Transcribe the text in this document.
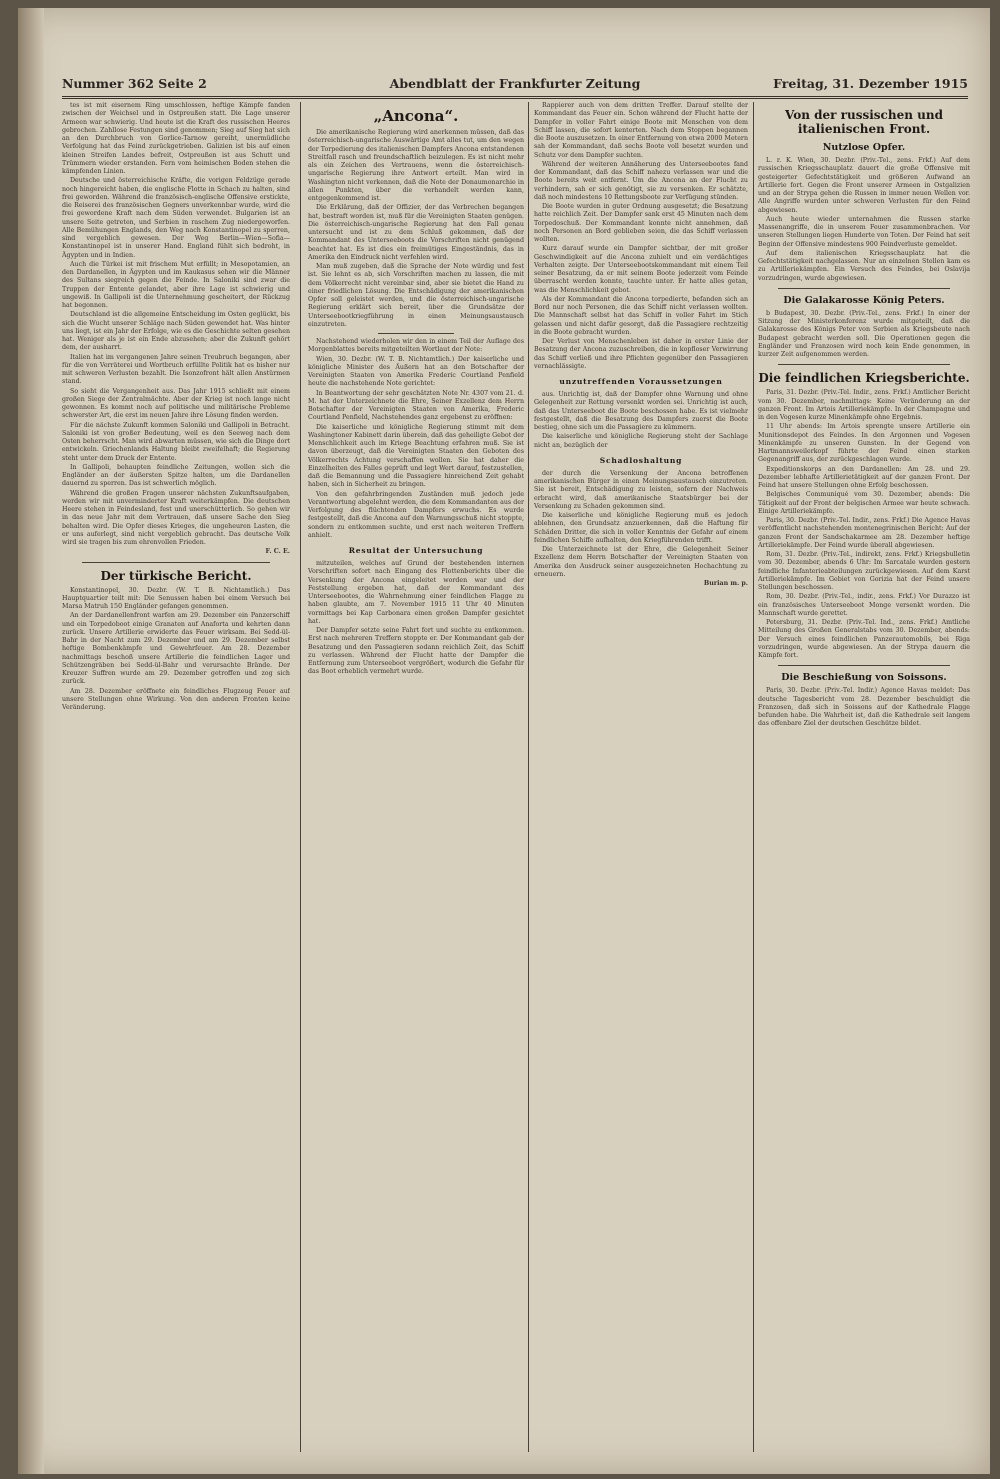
Nummer 362 Seite 2	Abendblatt der Frankfurter Zeitung	Freitag, 31. Dezember 1915

tes ist mit eisernem Ring umschlossen, heftige Kämpfe fanden zwischen der Weichsel und in Ostpreußen statt. Die Lage unserer Armeen war schwierig. Und heute ist die Kraft des russischen Heeres gebrochen. Zahllose Festungen sind genommen; Sieg auf Sieg hat sich an den Durchbruch von Gorlice-Tarnow gereiht, unermüdliche Verfolgung hat das Feind zurückgetrieben. Galizien ist bis auf einen kleinen Streifen Landes befreit, Ostpreußen ist aus Schutt und Trümmern wieder erstanden. Fern vom heimischen Boden stehen die kämpfenden Linien.

Deutsche und österreichische Kräfte, die vorigen Feldzüge gerade noch hingereicht haben, die englische Flotte in Schach zu halten, sind frei geworden. Während die französisch-englische Offensive erstickte, die Reiserei des französischen Gegners unverkennbar wurde, wird die frei gewordene Kraft nach dem Süden verwendet. Bulgarien ist an unsere Seite getreten, und Serbien in raschem Zug niedergeworfen. Alle Bemühungen Englands, den Weg nach Konstantinopel zu sperren, sind vergeblich gewesen. Der Weg Berlin—Wien—Sofia—Konstantinopel ist in unserer Hand. England fühlt sich bedroht, in Ägypten und in Indien.

Auch die Türkei ist mit frischem Mut erfüllt; in Mesopotamien, an den Dardanellen, in Ägypten und im Kaukasus sehen wir die Männer des Sultans siegreich gegen die Feinde. In Saloniki sind zwar die Truppen der Entente gelandet, aber ihre Lage ist schwierig und ungewiß. In Gallipoli ist die Unternehmung gescheitert, der Rückzug hat begonnen.

Deutschland ist die allgemeine Entscheidung im Osten geglückt, bis sich die Wucht unserer Schläge nach Süden gewendet hat. Was hinter uns liegt, ist ein Jahr der Erfolge, wie es die Geschichte selten gesehen hat. Weniger als je ist ein Ende abzusehen; aber die Zukunft gehört dem, der ausharrt.

Italien hat im vergangenen Jahre seinen Treubruch begangen, aber für die von Verräterei und Wortbruch erfüllte Politik hat es bisher nur mit schweren Verlusten bezahlt. Die Isonzofront hält allen Anstürmen stand.

So sieht die Vergangenheit aus. Das Jahr 1915 schließt mit einem großen Siege der Zentralmächte. Aber der Krieg ist noch lange nicht gewonnen. Es kommt noch auf politische und militärische Probleme schwerster Art, die erst im neuen Jahre ihre Lösung finden werden.

Für die nächste Zukunft kommen Saloniki und Gallipoli in Betracht. Saloniki ist von großer Bedeutung, weil es den Seeweg nach dem Osten beherrscht. Man wird abwarten müssen, wie sich die Dinge dort entwickeln. Griechenlands Haltung bleibt zweifelhaft; die Regierung steht unter dem Druck der Entente.

In Gallipoli, behaupten feindliche Zeitungen, wollen sich die Engländer an der äußersten Spitze halten, um die Dardanellen dauernd zu sperren. Das ist schwerlich möglich.

Während die großen Fragen unserer nächsten Zukunftsaufgaben, werden wir mit unverminderter Kraft weiterkämpfen. Die deutschen Heere stehen in Feindesland, fest und unerschütterlich. So gehen wir in das neue Jahr mit dem Vertrauen, daß unsere Sache den Sieg behalten wird. Die Opfer dieses Krieges, die ungeheuren Lasten, die er uns auferlegt, sind nicht vergeblich gebracht. Das deutsche Volk wird sie tragen bis zum ehrenvollen Frieden.

F. C. E.

Der türkische Bericht.

Konstantinopel, 30. Dezbr. (W. T. B. Nichtamtlich.) Das Hauptquartier teilt mit: Die Senussen haben bei einem Versuch bei Marsa Matruh 150 Engländer gefangen genommen.

An der Dardanellenfront warfen am 29. Dezember ein Panzerschiff und ein Torpedoboot einige Granaten auf Anaforta und kehrten dann zurück. Unsere Artillerie erwiderte das Feuer wirksam. Bei Sedd-ül-Bahr in der Nacht zum 29. Dezember und am 29. Dezember selbst heftige Bombenkämpfe und Gewehrfeuer. Am 28. Dezember nachmittags beschoß unsere Artillerie die feindlichen Lager und Schützengräben bei Sedd-ül-Bahr und verursachte Brände. Der Kreuzer Suffren wurde am 29. Dezember getroffen und zog sich zurück.

Am 28. Dezember eröffnete ein feindliches Flugzeug Feuer auf unsere Stellungen ohne Wirkung. Von den anderen Fronten keine Veränderung.

„Ancona“.

Die amerikanische Regierung wird anerkennen müssen, daß das österreichisch-ungarische Auswärtige Amt alles tut, um den wegen der Torpedierung des italienischen Dampfers Ancona entstandenen Streitfall rasch und freundschaftlich beizulegen. Es ist nicht mehr als ein Zeichen des Vertrauens, wenn die österreichisch-ungarische Regierung ihre Antwort erteilt. Man wird in Washington nicht verkennen, daß die Note der Donaumonarchie in allen Punkten, über die verhandelt werden kann, entgegenkommend ist.

Die Erklärung, daß der Offizier, der das Verbrechen begangen hat, bestraft worden ist, muß für die Vereinigten Staaten genügen. Die österreichisch-ungarische Regierung hat den Fall genau untersucht und ist zu dem Schluß gekommen, daß der Kommandant des Unterseeboots die Vorschriften nicht genügend beachtet hat. Es ist dies ein freimütiges Eingeständnis, das in Amerika den Eindruck nicht verfehlen wird.

Man muß zugeben, daß die Sprache der Note würdig und fest ist. Sie lehnt es ab, sich Vorschriften machen zu lassen, die mit dem Völkerrecht nicht vereinbar sind, aber sie bietet die Hand zu einer friedlichen Lösung. Die Entschädigung der amerikanischen Opfer soll geleistet werden, und die österreichisch-ungarische Regierung erklärt sich bereit, über die Grundsätze der Unterseebootkriegführung in einen Meinungsaustausch einzutreten.

Nachstehend wiederholen wir den in einem Teil der Auflage des Morgenblattes bereits mitgeteilten Wortlaut der Note:

Wien, 30. Dezbr. (W. T. B. Nichtamtlich.) Der kaiserliche und königliche Minister des Äußern hat an den Botschafter der Vereinigten Staaten von Amerika Frederic Courtland Penfield heute die nachstehende Note gerichtet:

In Beantwortung der sehr geschätzten Note Nr. 4307 vom 21. d. M. hat der Unterzeichnete die Ehre, Seiner Exzellenz dem Herrn Botschafter der Vereinigten Staaten von Amerika, Frederic Courtland Penfield, Nachstehendes ganz ergebenst zu eröffnen:

Die kaiserliche und königliche Regierung stimmt mit dem Washingtoner Kabinett darin überein, daß das geheiligte Gebot der Menschlichkeit auch im Kriege Beachtung erfahren muß. Sie ist davon überzeugt, daß die Vereinigten Staaten den Geboten des Völkerrechts Achtung verschaffen wollen. Sie hat daher die Einzelheiten des Falles geprüft und legt Wert darauf, festzustellen, daß die Bemannung und die Passagiere hinreichend Zeit gehabt haben, sich in Sicherheit zu bringen.

Von den gefahrbringenden Zuständen muß jedoch jede Verantwortung abgelehnt werden, die dem Kommandanten aus der Verfolgung des flüchtenden Dampfers erwuchs. Es wurde festgestellt, daß die Ancona auf den Warnungsschuß nicht stoppte, sondern zu entkommen suchte, und erst nach weiteren Treffern anhielt.

Resultat der Untersuchung

mitzuteilen, welches auf Grund der bestehenden internen Vorschriften sofort nach Eingang des Flottenberichts über die Versenkung der Ancona eingeleitet worden war und der Feststellung ergeben hat, daß der Kommandant des Unterseebootes, die Wahrnehmung einer feindlichen Flagge zu haben glaubte, am 7. November 1915 11 Uhr 40 Minuten vormittags bei Kap Carbonara einen großen Dampfer gesichtet hat.

Der Dampfer setzte seine Fahrt fort und suchte zu entkommen. Erst nach mehreren Treffern stoppte er. Der Kommandant gab der Besatzung und den Passagieren sodann reichlich Zeit, das Schiff zu verlassen. Während der Flucht hatte der Dampfer die Entfernung zum Unterseeboot vergrößert, wodurch die Gefahr für das Boot erheblich vermehrt wurde.

Rappierer auch von dem dritten Treffer. Darauf stellte der Kommandant das Feuer ein. Schon während der Flucht hatte der Dampfer in voller Fahrt einige Boote mit Menschen von dem Schiff lassen, die sofort kenterten. Nach dem Stoppen begannen die Boote auszusetzen. In einer Entfernung von etwa 2000 Metern sah der Kommandant, daß sechs Boote voll besetzt wurden und Schutz vor dem Dampfer suchten.

Während der weiteren Annäherung des Unterseebootes fand der Kommandant, daß das Schiff nahezu verlassen war und die Boote bereits weit entfernt. Um die Ancona an der Flucht zu verhindern, sah er sich genötigt, sie zu versenken. Er schätzte, daß noch mindestens 10 Rettungsboote zur Verfügung stünden.

Die Boote wurden in guter Ordnung ausgesetzt; die Besatzung hatte reichlich Zeit. Der Dampfer sank erst 45 Minuten nach dem Torpedoschuß. Der Kommandant konnte nicht annehmen, daß noch Personen an Bord geblieben seien, die das Schiff verlassen wollten.

Kurz darauf wurde ein Dampfer sichtbar, der mit großer Geschwindigkeit auf die Ancona zuhielt und ein verdächtiges Verhalten zeigte. Der Unterseebootskommandant mit einem Teil seiner Besatzung, da er mit seinem Boote jederzeit vom Feinde überrascht werden konnte, tauchte unter. Er hatte alles getan, was die Menschlichkeit gebot.

Als der Kommandant die Ancona torpedierte, befanden sich an Bord nur noch Personen, die das Schiff nicht verlassen wollten. Die Mannschaft selbst hat das Schiff in voller Fahrt im Stich gelassen und nicht dafür gesorgt, daß die Passagiere rechtzeitig in die Boote gebracht wurden.

Der Verlust von Menschenleben ist daher in erster Linie der Besatzung der Ancona zuzuschreiben, die in kopfloser Verwirrung das Schiff verließ und ihre Pflichten gegenüber den Passagieren vernachlässigte.

unzutreffenden Voraussetzungen

aus. Unrichtig ist, daß der Dampfer ohne Warnung und ohne Gelegenheit zur Rettung versenkt worden sei. Unrichtig ist auch, daß das Unterseeboot die Boote beschossen habe. Es ist vielmehr festgestellt, daß die Besatzung des Dampfers zuerst die Boote bestieg, ohne sich um die Passagiere zu kümmern.

Die kaiserliche und königliche Regierung steht der Sachlage nicht an, bezüglich der

Schadloshaltung

der durch die Versenkung der Ancona betroffenen amerikanischen Bürger in einen Meinungsaustausch einzutreten. Sie ist bereit, Entschädigung zu leisten, sofern der Nachweis erbracht wird, daß amerikanische Staatsbürger bei der Versenkung zu Schaden gekommen sind.

Die kaiserliche und königliche Regierung muß es jedoch ablehnen, den Grundsatz anzuerkennen, daß die Haftung für Schäden Dritter, die sich in voller Kenntnis der Gefahr auf einem feindlichen Schiffe aufhalten, den Kriegführenden trifft.

Die Unterzeichnete ist der Ehre, die Gelegenheit Seiner Exzellenz dem Herrn Botschafter der Vereinigten Staaten von Amerika den Ausdruck seiner ausgezeichneten Hochachtung zu erneuern.

Burian m. p.

Von der russischen und italienischen Front.

Nutzlose Opfer.

L. r. K. Wien, 30. Dezbr. (Priv.-Tel., zens. Frkf.) Auf dem russischen Kriegsschauplatz dauert die große Offensive mit gesteigerter Gefechtstätigkeit und größeren Aufwand an Artillerie fort. Gegen die Front unserer Armeen in Ostgalizien und an der Strypa gehen die Russen in immer neuen Wellen vor. Alle Angriffe wurden unter schweren Verlusten für den Feind abgewiesen.

Auch heute wieder unternahmen die Russen starke Massenangriffe, die in unserem Feuer zusammenbrachen. Vor unseren Stellungen liegen Hunderte von Toten. Der Feind hat seit Beginn der Offensive mindestens 900 Feindverluste gemeldet.

Auf dem italienischen Kriegsschauplatz hat die Gefechtstätigkeit nachgelassen. Nur an einzelnen Stellen kam es zu Artilleriekämpfen. Ein Versuch des Feindes, bei Oslavija vorzudringen, wurde abgewiesen.

Die Galakarosse König Peters.

b Budapest, 30. Dezbr. (Priv.-Tel., zens. Frkf.) In einer der Sitzung der Ministerkonferenz wurde mitgeteilt, daß die Galakarosse des Königs Peter von Serbien als Kriegsbeute nach Budapest gebracht werden soll. Die Operationen gegen die Engländer und Franzosen wird noch kein Ende genommen, in kurzer Zeit aufgenommen werden.

Die feindlichen Kriegsberichte.

Paris, 31. Dezbr. (Priv.-Tel. Indir., zens. Frkf.) Amtlicher Bericht vom 30. Dezember, nachmittags: Keine Veränderung an der ganzen Front. Im Artois Artilleriekämpfe. In der Champagne und in den Vogesen kurze Minenkämpfe ohne Ergebnis.

11 Uhr abends: Im Artois sprengte unsere Artillerie ein Munitionsdepot des Feindes. In den Argonnen und Vogesen Minenkämpfe zu unseren Gunsten. In der Gegend von Hartmannsweilerkopf führte der Feind einen starken Gegenangriff aus, der zurückgeschlagen wurde.

Expeditionskorps an den Dardanellen: Am 28. und 29. Dezember lebhafte Artillerietätigkeit auf der ganzen Front. Der Feind hat unsere Stellungen ohne Erfolg beschossen.

Belgisches Communiqué vom 30. Dezember, abends: Die Tätigkeit auf der Front der belgischen Armee war heute schwach. Einige Artilleriekämpfe.

Paris, 30. Dezbr. (Priv.-Tel. Indir., zens. Frkf.) Die Agence Havas veröffentlicht nachstehenden montenegrinischen Bericht: Auf der ganzen Front der Sandschakarmee am 28. Dezember heftige Artilleriekämpfe. Der Feind wurde überall abgewiesen.

Rom, 31. Dezbr. (Priv.-Tel., indirekt, zens. Frkf.) Kriegsbulletin vom 30. Dezember, abends 6 Uhr: Im Sarcatale wurden gestern feindliche Infanterieabteilungen zurückgewiesen. Auf dem Karst Artilleriekämpfe. Im Gebiet von Gorizia hat der Feind unsere Stellungen beschossen.

Rom, 30. Dezbr. (Priv.-Tel., indir., zens. Frkf.) Vor Durazzo ist ein französisches Unterseeboot Monge versenkt worden. Die Mannschaft wurde gerettet.

Petersburg, 31. Dezbr. (Priv.-Tel. Ind., zens. Frkf.) Amtliche Mitteilung des Großen Generalstabs vom 30. Dezember, abends: Der Versuch eines feindlichen Panzerautomobils, bei Riga vorzudringen, wurde abgewiesen. An der Strypa dauern die Kämpfe fort.

Die Beschießung von Soissons.

Paris, 30. Dezbr. (Priv.-Tel. Indir.) Agence Havas meldet: Das deutsche Tagesbericht vom 28. Dezember beschuldigt die Franzosen, daß sich in Soissons auf der Kathedrale Flagge befunden habe. Die Wahrheit ist, daß die Kathedrale seit langem das offenbare Ziel der deutschen Geschütze bildet.
